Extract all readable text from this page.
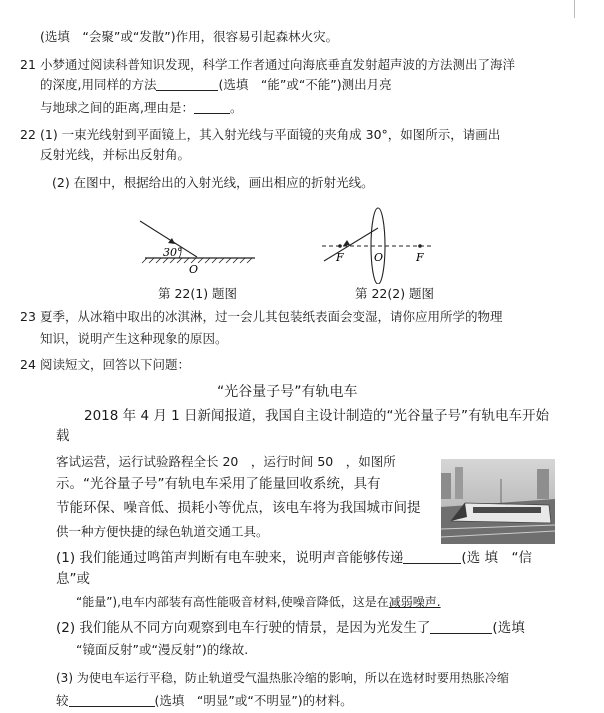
(选填　“会聚”或“发散”)作用，很容易引起森林火灾。
21 小梦通过阅读科普知识发现，科学工作者通过向海底垂直发射超声波的方法测出了海洋
的深度,用同样的方法	(选填　“能”或“不能”)测出月亮
与地球之间的距离,理由是：	。
22 (1) 一束光线射到平面镜上，其入射光线与平面镜的夹角成 30°，如图所示，请画出
反射光线，并标出反射角。
(2) 在图中，根据给出的入射光线，画出相应的折射光线。
30°
O
F	O	F
第 22(1) 题图	第 22(2) 题图
23 夏季，从冰箱中取出的冰淇淋，过一会儿其包装纸表面会变湿，请你应用所学的物理
知识，说明产生这种现象的原因。
24 阅读短文，回答以下问题：
“光谷量子号”有轨电车
2018 年 4 月 1 日新闻报道，我国自主设计制造的“光谷量子号”有轨电车开始
载
客试运营，运行试验路程全长 20　，运行时间 50　，如图所
示。“光谷量子号”有轨电车采用了能量回收系统，具有
节能环保、噪音低、损耗小等优点，该电车将为我国城市间提
供一种方便快捷的绿色轨道交通工具。
(1) 我们能通过鸣笛声判断有电车驶来，说明声音能够传递	(选 填　“信
息”或
“能量”),电车内部装有高性能吸音材料,使噪音降低，这是在减弱噪声.
(2) 我们能从不同方向观察到电车行驶的情景，是因为光发生了	(选填
“镜面反射”或“漫反射”)的缘故.
(3) 为使电车运行平稳，防止轨道受气温热胀冷缩的影响，所以在选材时要用热胀冷缩
较	(选填　“明显”或“不明显”)的材料。
